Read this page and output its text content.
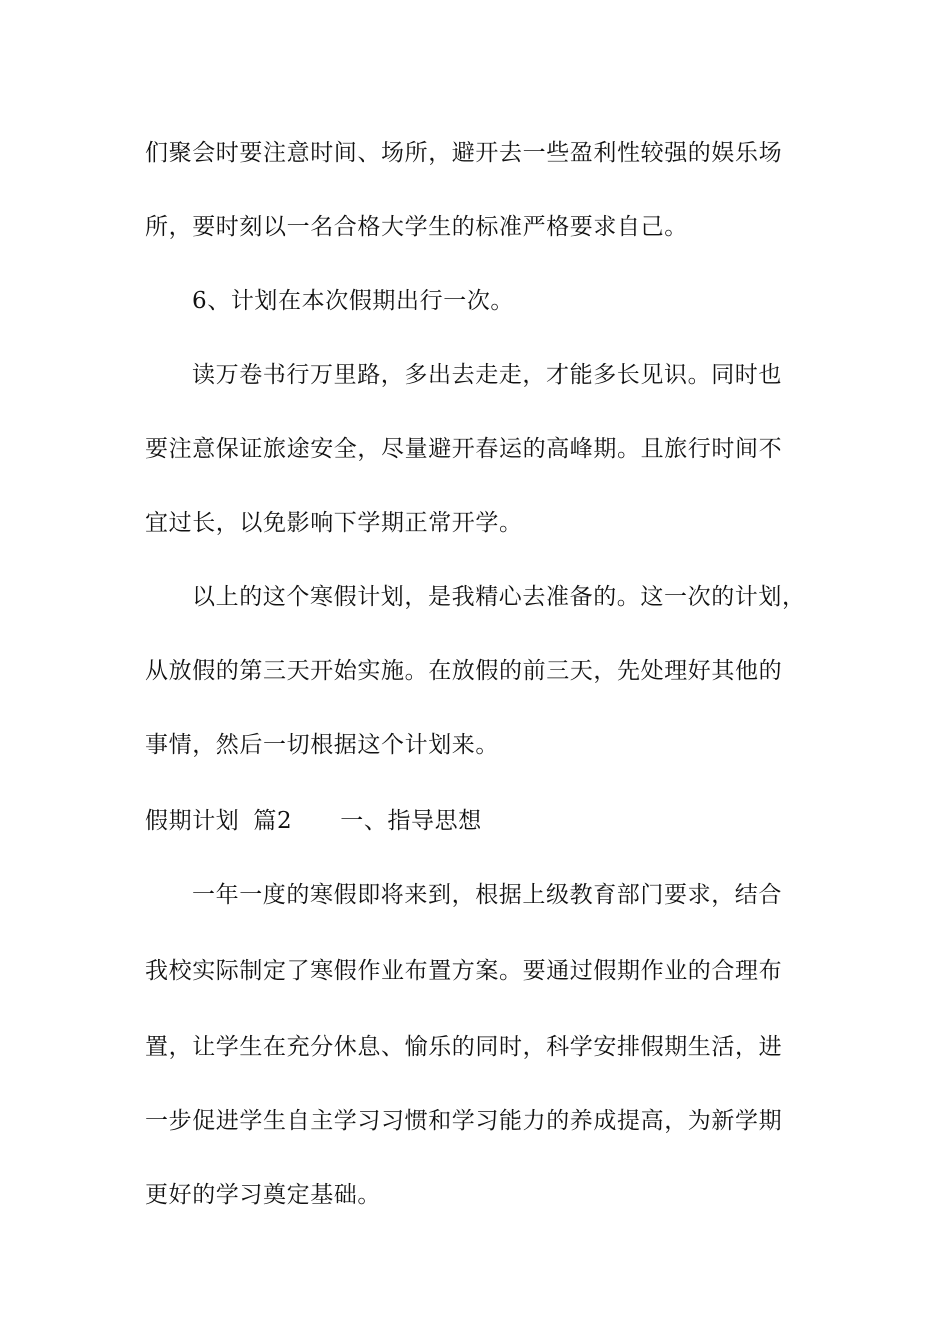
们聚会时要注意时间、场所，避开去一些盈利性较强的娱乐场
所，要时刻以一名合格大学生的标准严格要求自己。
6、计划在本次假期出行一次。
读万卷书行万里路，多出去走走，才能多长见识。同时也
要注意保证旅途安全，尽量避开春运的高峰期。且旅行时间不
宜过长，以免影响下学期正常开学。
以上的这个寒假计划，是我精心去准备的。这一次的计划，
从放假的第三天开始实施。在放假的前三天，先处理好其他的
事情，然后一切根据这个计划来。
假期计划 篇2 一、指导思想
一年一度的寒假即将来到，根据上级教育部门要求，结合
我校实际制定了寒假作业布置方案。要通过假期作业的合理布
置，让学生在充分休息、愉乐的同时，科学安排假期生活，进
一步促进学生自主学习习惯和学习能力的养成提高，为新学期
更好的学习奠定基础。
